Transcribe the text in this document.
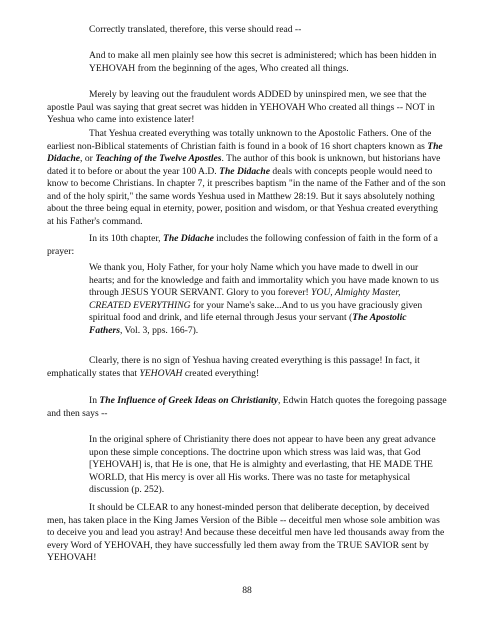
Correctly translated, therefore, this verse should read --

And to make all men plainly see how this secret is administered; which has been hidden in YEHOVAH from the beginning of the ages, Who created all things.

Merely by leaving out the fraudulent words ADDED by uninspired men, we see that the apostle Paul was saying that great secret was hidden in YEHOVAH Who created all things -- NOT in Yeshua who came into existence later!

That Yeshua created everything was totally unknown to the Apostolic Fathers. One of the earliest non-Biblical statements of Christian faith is found in a book of 16 short chapters known as The Didache, or Teaching of the Twelve Apostles. The author of this book is unknown, but historians have dated it to before or about the year 100 A.D. The Didache deals with concepts people would need to know to become Christians. In chapter 7, it prescribes baptism "in the name of the Father and of the son and of the holy spirit," the same words Yeshua used in Matthew 28:19. But it says absolutely nothing about the three being equal in eternity, power, position and wisdom, or that Yeshua created everything at his Father's command.

In its 10th chapter, The Didache includes the following confession of faith in the form of a prayer:

We thank you, Holy Father, for your holy Name which you have made to dwell in our hearts; and for the knowledge and faith and immortality which you have made known to us through JESUS YOUR SERVANT. Glory to you forever! YOU, Almighty Master, CREATED EVERYTHING for your Name's sake...And to us you have graciously given spiritual food and drink, and life eternal through Jesus your servant (The Apostolic Fathers, Vol. 3, pps. 166-7).

Clearly, there is no sign of Yeshua having created everything is this passage! In fact, it emphatically states that YEHOVAH created everything!

In The Influence of Greek Ideas on Christianity, Edwin Hatch quotes the foregoing passage and then says --

In the original sphere of Christianity there does not appear to have been any great advance upon these simple conceptions. The doctrine upon which stress was laid was, that God [YEHOVAH] is, that He is one, that He is almighty and everlasting, that HE MADE THE WORLD, that His mercy is over all His works. There was no taste for metaphysical discussion (p. 252).

It should be CLEAR to any honest-minded person that deliberate deception, by deceived men, has taken place in the King James Version of the Bible -- deceitful men whose sole ambition was to deceive you and lead you astray! And because these deceitful men have led thousands away from the every Word of YEHOVAH, they have successfully led them away from the TRUE SAVIOR sent by YEHOVAH!

88
